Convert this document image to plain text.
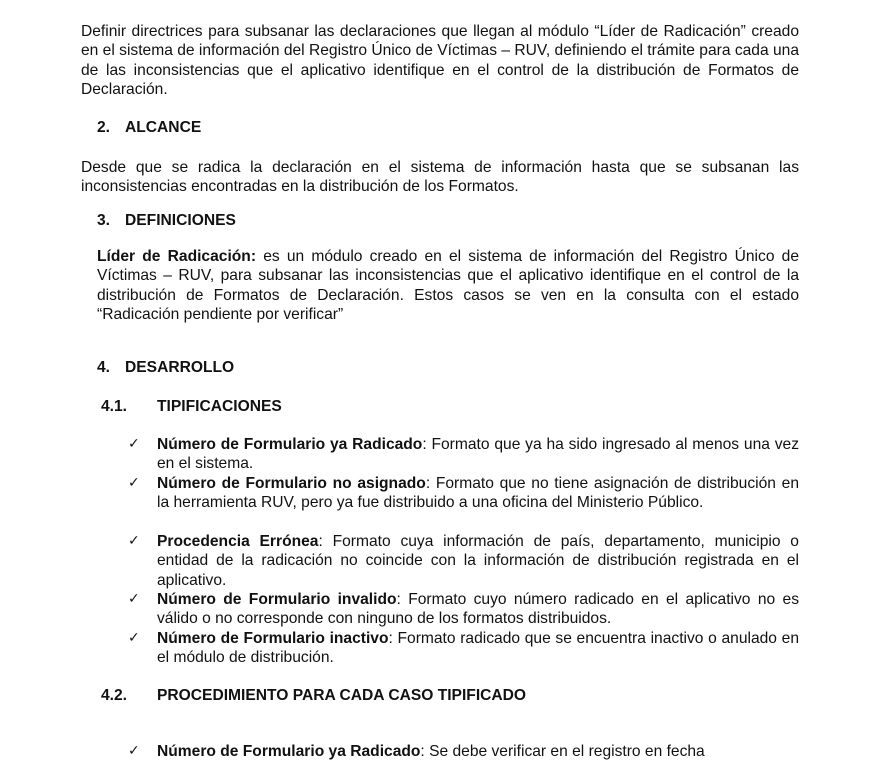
Definir directrices para subsanar las declaraciones que llegan al módulo “Líder de Radicación” creado en el sistema de información del Registro Único de Víctimas – RUV, definiendo el trámite para cada una de las inconsistencias que el aplicativo identifique en el control de la distribución de Formatos de Declaración.
2. ALCANCE
Desde que se radica la declaración en el sistema de información hasta que se subsanan las inconsistencias encontradas en la distribución de los Formatos.
3. DEFINICIONES
Líder de Radicación: es un módulo creado en el sistema de información del Registro Único de Víctimas – RUV, para subsanar las inconsistencias que el aplicativo identifique en el control de la distribución de Formatos de Declaración. Estos casos se ven en la consulta con el estado “Radicación pendiente por verificar”
4. DESARROLLO
4.1. TIPIFICACIONES
✓ Número de Formulario ya Radicado: Formato que ya ha sido ingresado al menos una vez en el sistema.
✓ Número de Formulario no asignado: Formato que no tiene asignación de distribución en la herramienta RUV, pero ya fue distribuido a una oficina del Ministerio Público.
✓ Procedencia Errónea: Formato cuya información de país, departamento, municipio o entidad de la radicación no coincide con la información de distribución registrada en el aplicativo.
✓ Número de Formulario invalido: Formato cuyo número radicado en el aplicativo no es válido o no corresponde con ninguno de los formatos distribuidos.
✓ Número de Formulario inactivo: Formato radicado que se encuentra inactivo o anulado en el módulo de distribución.
4.2. PROCEDIMIENTO PARA CADA CASO TIPIFICADO
✓ Número de Formulario ya Radicado: Se debe verificar en el registro en fecha
